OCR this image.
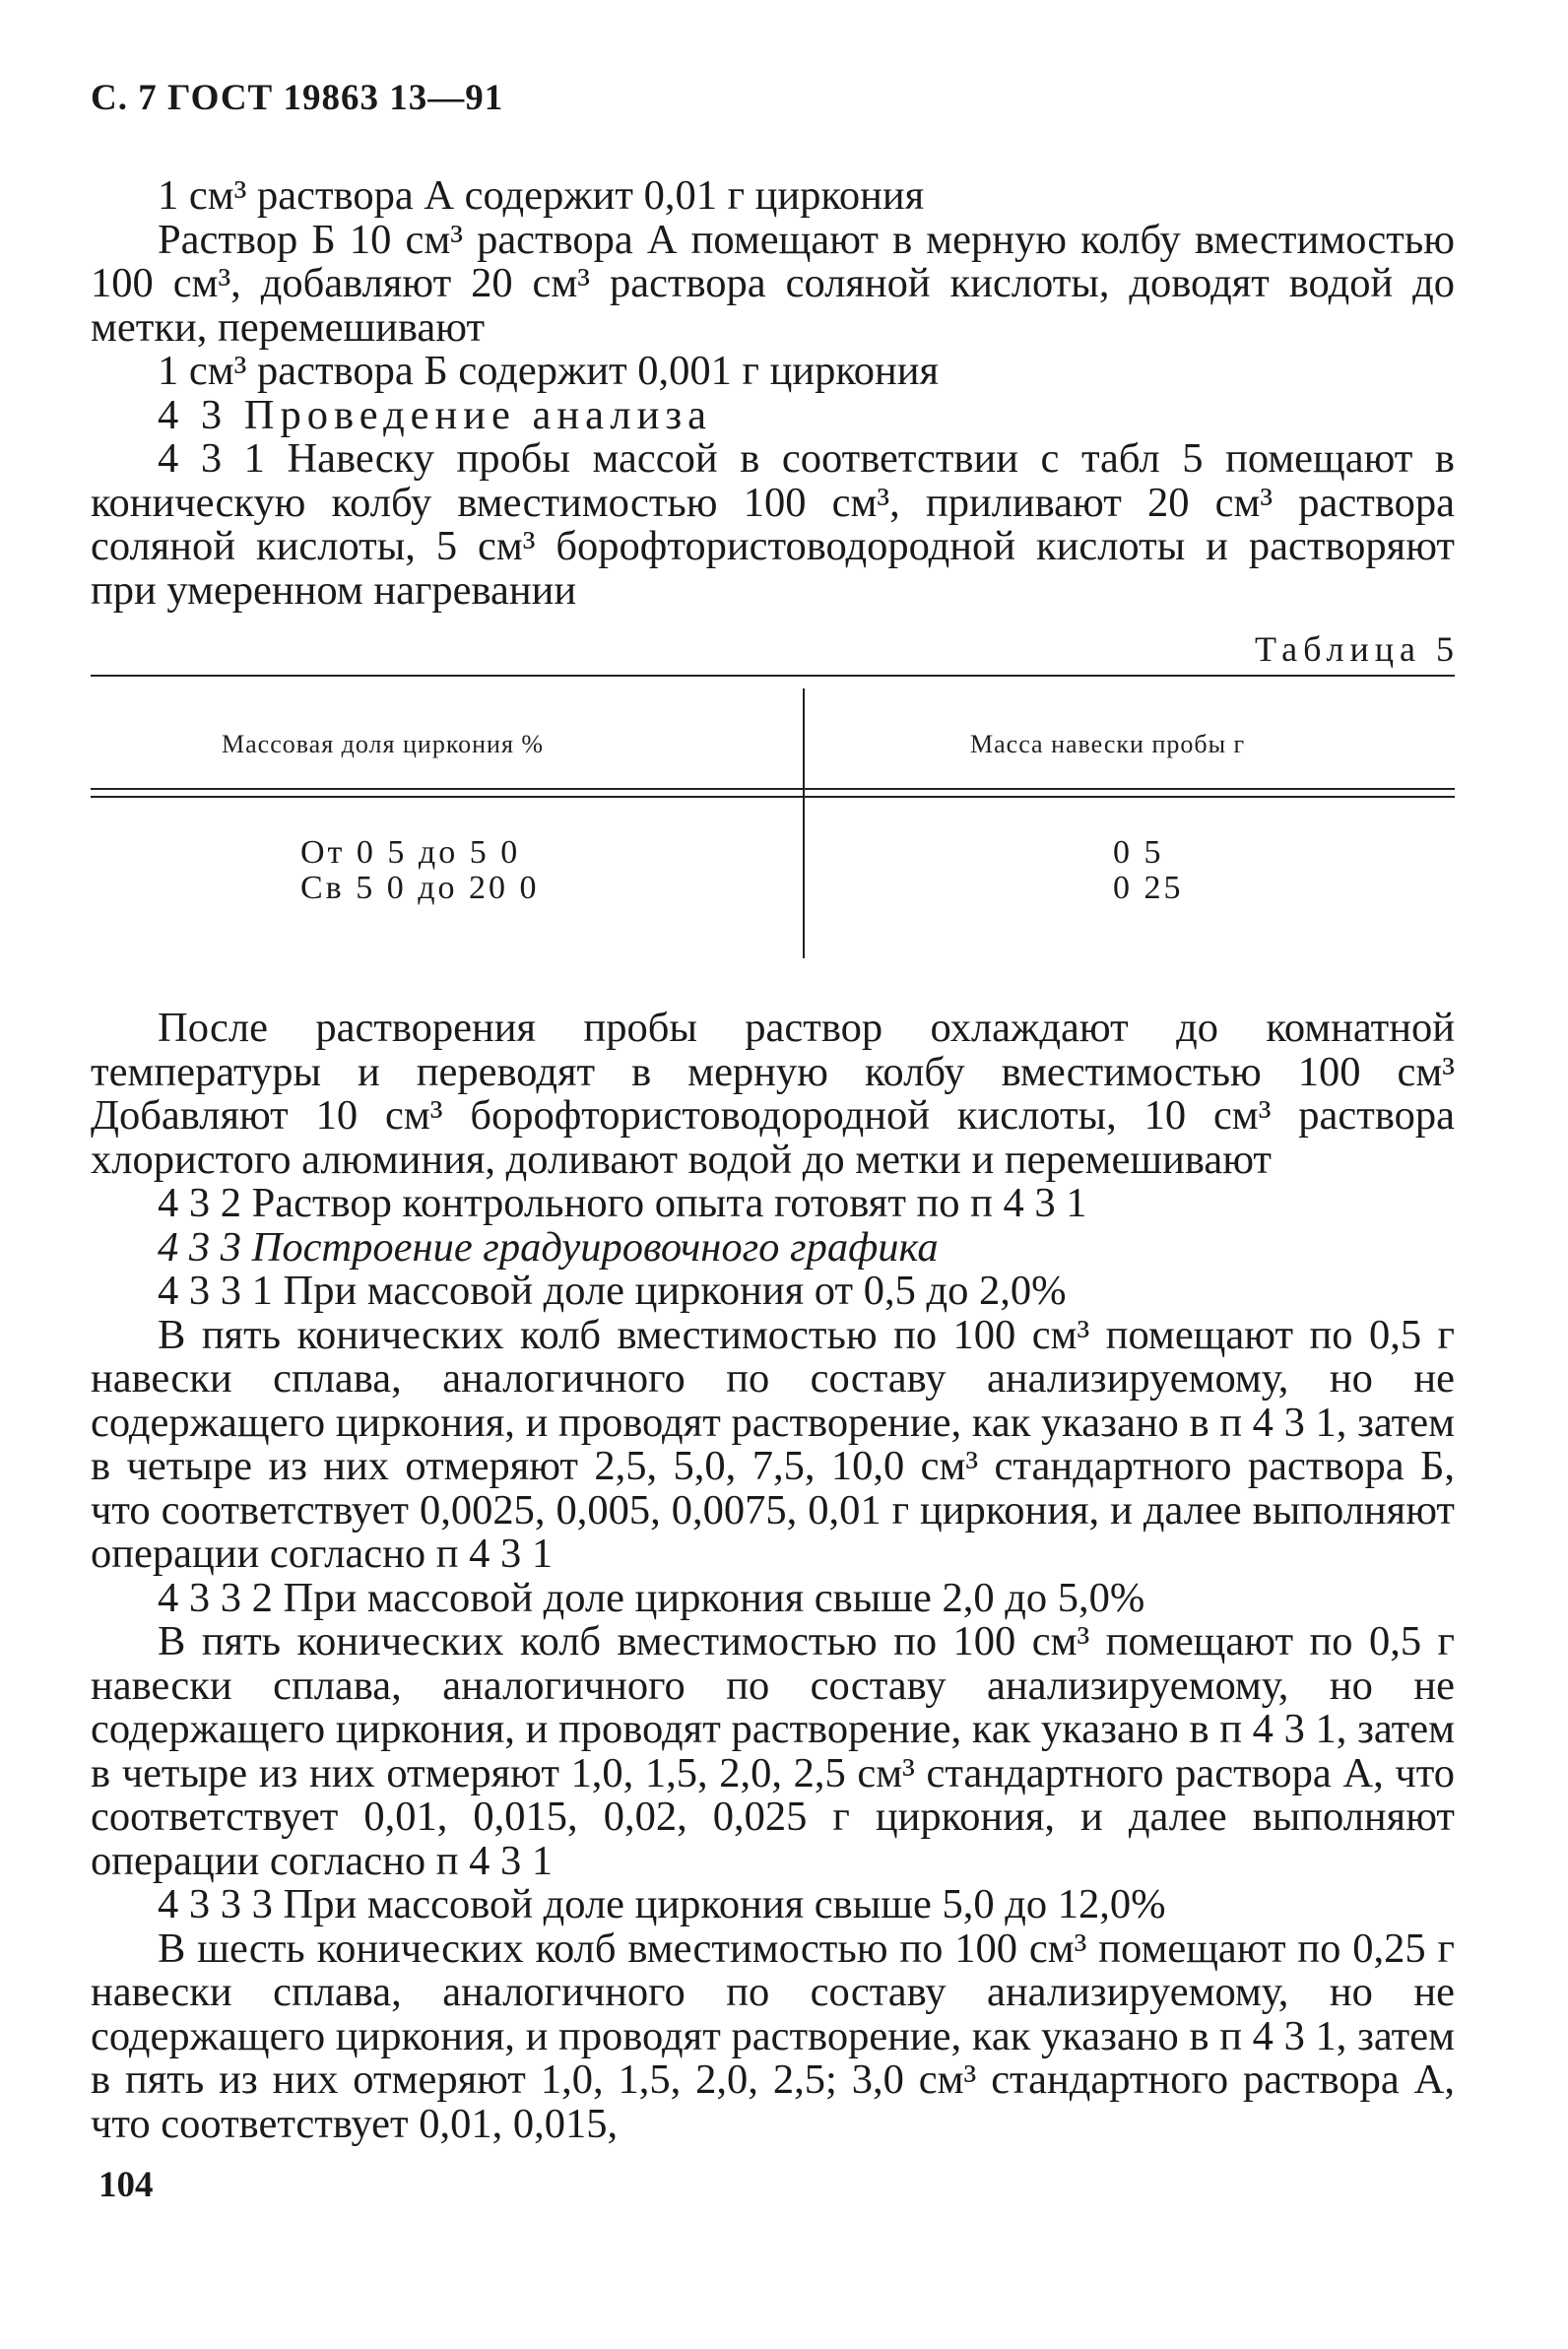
С. 7 ГОСТ 19863 13—91

1 см³ раствора А содержит 0,01 г циркония

Раствор Б 10 см³ раствора А помещают в мерную колбу вместимостью 100 см³, добавляют 20 см³ раствора соляной кислоты, доводят водой до метки, перемешивают

1 см³ раствора Б содержит 0,001 г циркония

4 3 Проведение анализа

4 3 1 Навеску пробы массой в соответствии с табл 5 помещают в коническую колбу вместимостью 100 см³, приливают 20 см³ раствора соляной кислоты, 5 см³ борофтористоводородной кислоты и растворяют при умеренном нагревании

Таблица 5
Массовая доля циркония %	Масса навески пробы г
От 0 5 до 5 0	0 5
Св 5 0 до 20 0	0 25

После растворения пробы раствор охлаждают до комнатной температуры и переводят в мерную колбу вместимостью 100 см³ Добавляют 10 см³ борофтористоводородной кислоты, 10 см³ раствора хлористого алюминия, доливают водой до метки и перемешивают

4 3 2 Раствор контрольного опыта готовят по п 4 3 1

4 3 3 Построение градуировочного графика

4 3 3 1 При массовой доле циркония от 0,5 до 2,0%

В пять конических колб вместимостью по 100 см³ помещают по 0,5 г навески сплава, аналогичного по составу анализируемому, но не содержащего циркония, и проводят растворение, как указано в п 4 3 1, затем в четыре из них отмеряют 2,5, 5,0, 7,5, 10,0 см³ стандартного раствора Б, что соответствует 0,0025, 0,005, 0,0075, 0,01 г циркония, и далее выполняют операции согласно п 4 3 1

4 3 3 2 При массовой доле циркония свыше 2,0 до 5,0%

В пять конических колб вместимостью по 100 см³ помещают по 0,5 г навески сплава, аналогичного по составу анализируемому, но не содержащего циркония, и проводят растворение, как указано в п 4 3 1, затем в четыре из них отмеряют 1,0, 1,5, 2,0, 2,5 см³ стандартного раствора А, что соответствует 0,01, 0,015, 0,02, 0,025 г циркония, и далее выполняют операции согласно п 4 3 1

4 3 3 3 При массовой доле циркония свыше 5,0 до 12,0%

В шесть конических колб вместимостью по 100 см³ помещают по 0,25 г навески сплава, аналогичного по составу анализируемому, но не содержащего циркония, и проводят растворение, как указано в п 4 3 1, затем в пять из них отмеряют 1,0, 1,5, 2,0, 2,5; 3,0 см³ стандартного раствора А, что соответствует 0,01, 0,015,

104
